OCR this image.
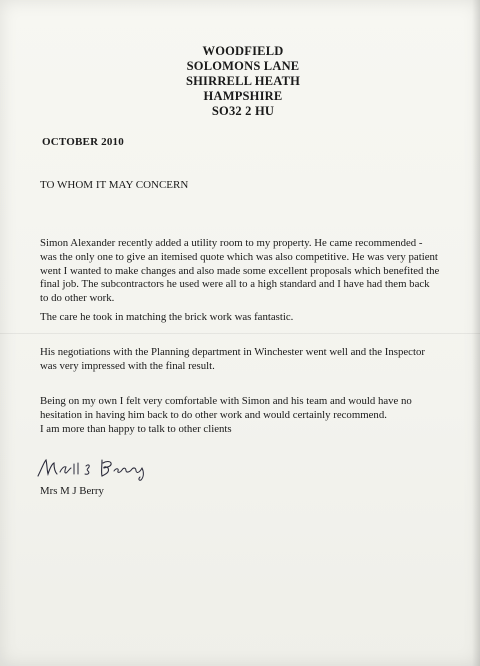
WOODFIELD
SOLOMONS LANE
SHIRRELL HEATH
HAMPSHIRE
SO32 2 HU
OCTOBER 2010
TO WHOM IT MAY CONCERN
Simon Alexander recently added a utility room to my property. He came recommended -
was the only one to give an itemised quote which was also competitive. He was very patient
went I wanted to make changes and also made some excellent proposals which benefited the
final job. The subcontractors he used were all to a high standard and I have had them back
to do other work.
The care he took in matching the brick work was fantastic.
His negotiations with the Planning department in Winchester went well and the Inspector
was very impressed with the final result.
Being on my own I felt very comfortable with Simon and his team and would have no
hesitation in having him back to do other work and would certainly recommend.
I am more than happy to talk to other clients
Mrs M J Berry
